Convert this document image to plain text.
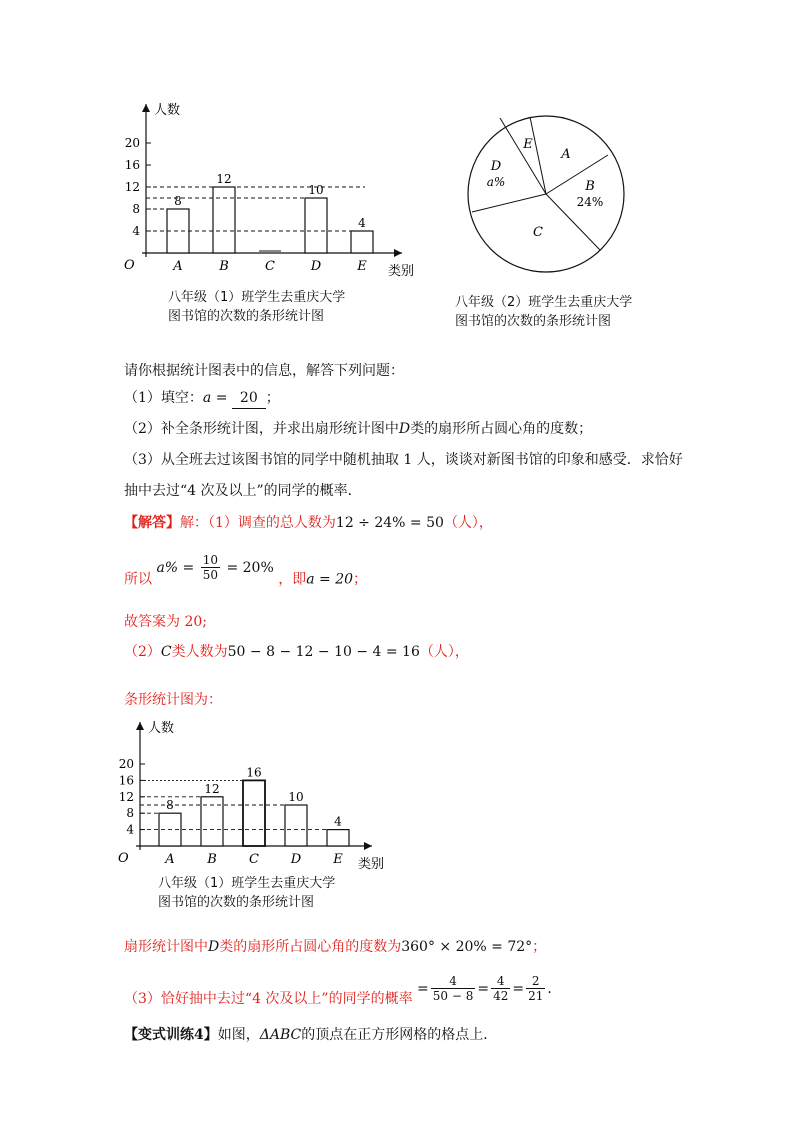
人数
类别
O
4
8
12
16
20
8
A
12
B	C
10
D
4
E
八年级（1）班学生去重庆大学
图书馆的次数的条形统计图
A
B
24%
C
D
a%
E
八年级（2）班学生去重庆大学
图书馆的次数的条形统计图
请你根据统计图表中的信息，解答下列问题：
（1）填空：a = 20 ；
（2）补全条形统计图，并求出扇形统计图中D类的扇形所占圆心角的度数；
（3）从全班去过该图书馆的同学中随机抽取 1 人，谈谈对新图书馆的印象和感受．求恰好
抽中去过“4 次及以上”的同学的概率．
【解答】解：（1）调查的总人数为12 ÷ 24% = 50（人），
所以 $a\% = \frac{10}{50} = 20\%$ ，即a = 20；
故答案为 20;
（2）C类人数为50 − 8 − 12 − 10 − 4 = 16（人），
条形统计图为：
人数
类别
O
4
8
12
16
20
8
A
12
B
16
C
10
D
4
E
八年级（1）班学生去重庆大学
图书馆的次数的条形统计图
扇形统计图中D类的扇形所占圆心角的度数为360° × 20% = 72°；
（3）恰好抽中去过“4 次及以上”的同学的概率 = $\frac{4}{50 - 8} = \frac{4}{42} = \frac{2}{21}$ ．
【变式训练4】如图，ΔABC的顶点在正方形网格的格点上．
